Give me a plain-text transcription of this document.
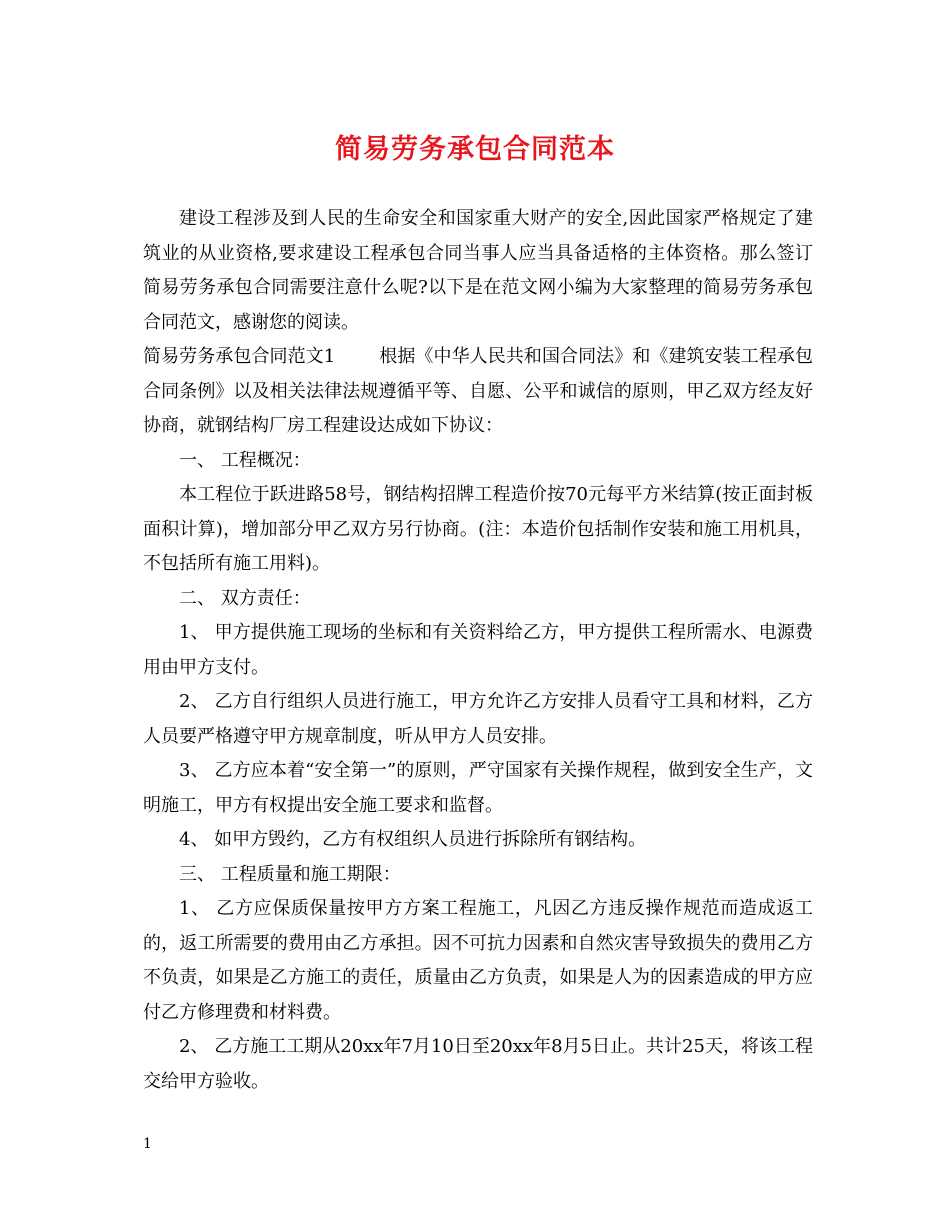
简易劳务承包合同范本

建设工程涉及到人民的生命安全和国家重大财产的安全,因此国家严格规定了建筑业的从业资格,要求建设工程承包合同当事人应当具备适格的主体资格。那么签订简易劳务承包合同需要注意什么呢?以下是在范文网小编为大家整理的简易劳务承包合同范文，感谢您的阅读。

简易劳务承包合同范文1 根据《中华人民共和国合同法》和《建筑安装工程承包合同条例》以及相关法律法规遵循平等、自愿、公平和诚信的原则，甲乙双方经友好协商，就钢结构厂房工程建设达成如下协议：

一、 工程概况：

本工程位于跃进路58号，钢结构招牌工程造价按70元每平方米结算(按正面封板面积计算)，增加部分甲乙双方另行协商。(注：本造价包括制作安装和施工用机具，不包括所有施工用料)。

二、 双方责任：

1、 甲方提供施工现场的坐标和有关资料给乙方，甲方提供工程所需水、电源费用由甲方支付。

2、 乙方自行组织人员进行施工，甲方允许乙方安排人员看守工具和材料，乙方人员要严格遵守甲方规章制度，听从甲方人员安排。

3、 乙方应本着“安全第一”的原则，严守国家有关操作规程，做到安全生产，文明施工，甲方有权提出安全施工要求和监督。

4、 如甲方毁约，乙方有权组织人员进行拆除所有钢结构。

三、 工程质量和施工期限：

1、 乙方应保质保量按甲方方案工程施工，凡因乙方违反操作规范而造成返工的，返工所需要的费用由乙方承担。因不可抗力因素和自然灾害导致损失的费用乙方不负责，如果是乙方施工的责任，质量由乙方负责，如果是人为的因素造成的甲方应付乙方修理费和材料费。

2、 乙方施工工期从20xx年7月10日至20xx年8月5日止。共计25天，将该工程交给甲方验收。

1
